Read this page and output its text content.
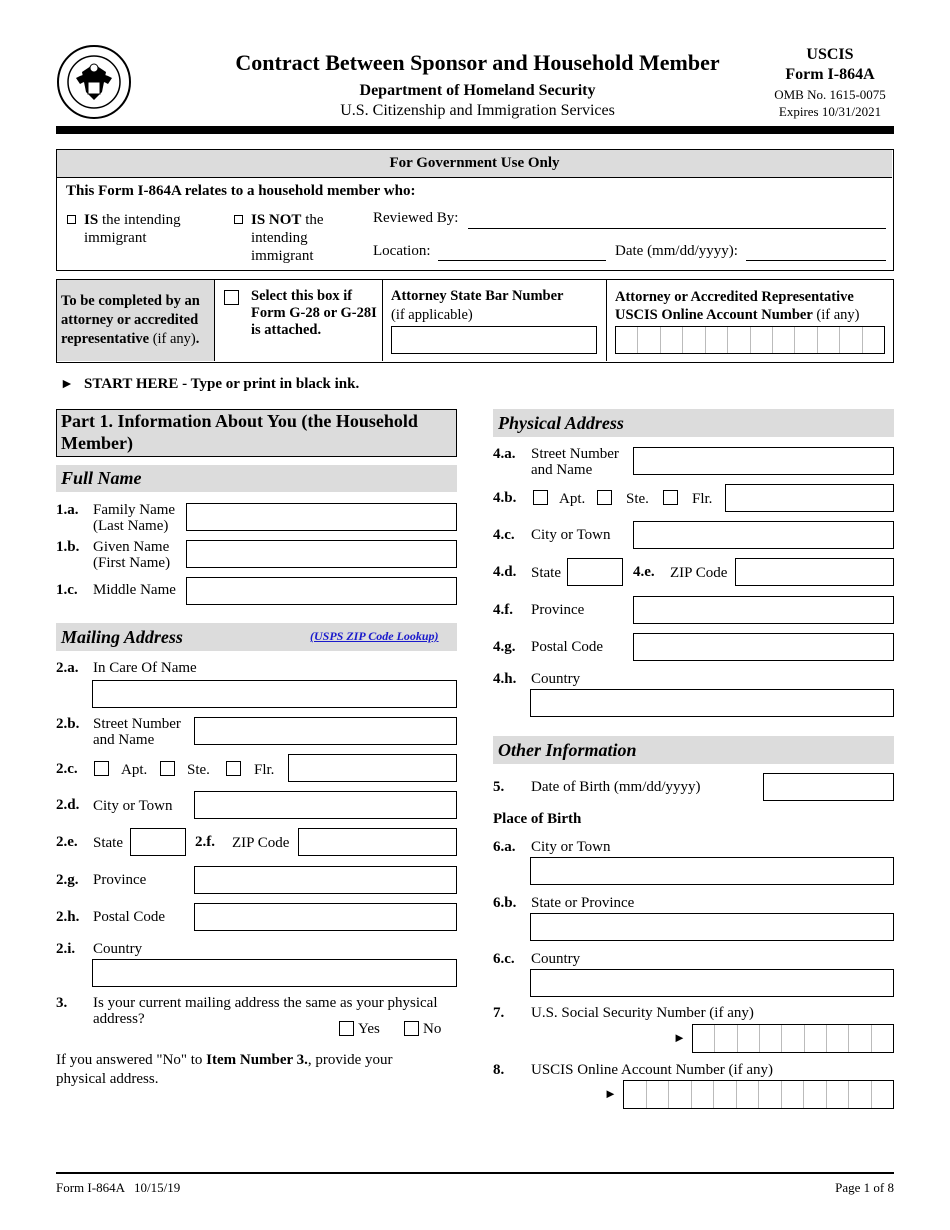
Contract Between Sponsor and Household Member
Department of Homeland Security
U.S. Citizenship and Immigration Services
USCIS
Form I-864A
OMB No. 1615-0075
Expires 10/31/2021
For Government Use Only
This Form I-864A relates to a household member who:
IS the intending immigrant
IS NOT the intending immigrant
Reviewed By:
Location:	Date (mm/dd/yyyy):
To be completed by an attorney or accredited representative (if any).
Select this box if Form G-28 or G-28I is attached.
Attorney State Bar Number
(if applicable)
Attorney or Accredited Representative USCIS Online Account Number (if any)
► START HERE - Type or print in black ink.
Part 1. Information About You (the Household Member)
Full Name
1.a. Family Name (Last Name)
1.b. Given Name (First Name)
1.c. Middle Name
Mailing Address	(USPS ZIP Code Lookup)
2.a. In Care Of Name
2.b. Street Number and Name
2.c.	Apt.	Ste.	Flr.
2.d. City or Town
2.e. State	2.f. ZIP Code
2.g. Province
2.h. Postal Code
2.i. Country
3. Is your current mailing address the same as your physical address?
Yes	No
If you answered "No" to Item Number 3., provide your physical address.
Physical Address
4.a. Street Number and Name
4.b.	Apt.	Ste.	Flr.
4.c. City or Town
4.d. State	4.e. ZIP Code
4.f. Province
4.g. Postal Code
4.h. Country
Other Information
5. Date of Birth (mm/dd/yyyy)
Place of Birth
6.a. City or Town
6.b. State or Province
6.c. Country
7. U.S. Social Security Number (if any)
►
8. USCIS Online Account Number (if any)
►
Form I-864A   10/15/19	Page 1 of 8
